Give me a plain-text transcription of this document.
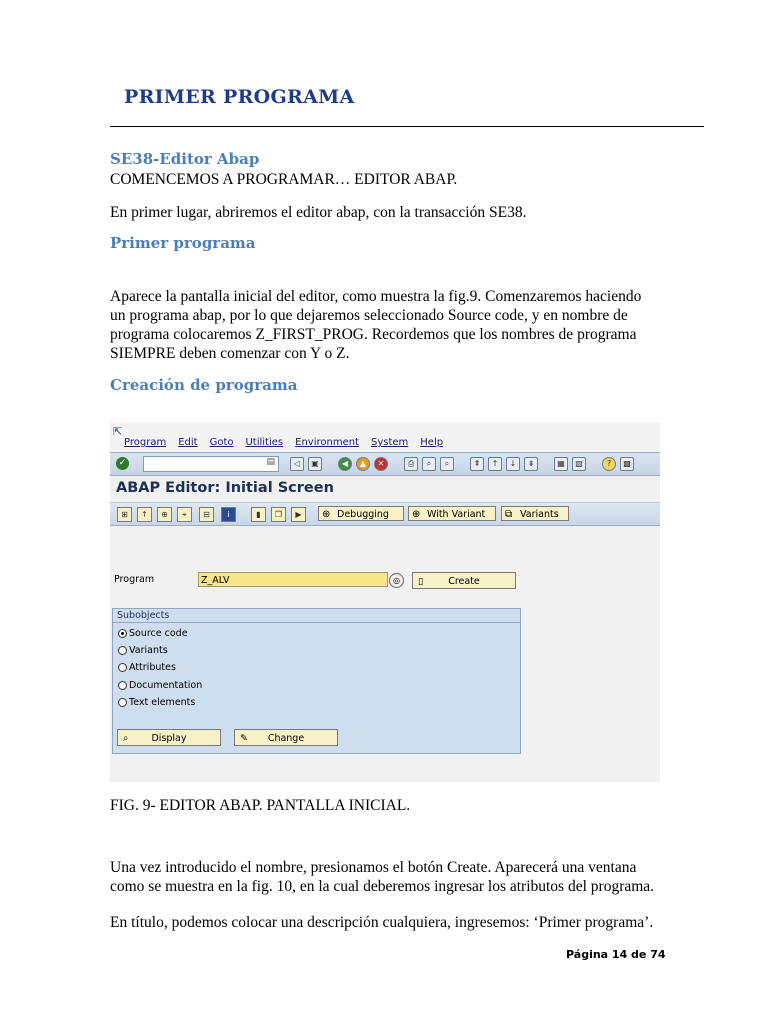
PRIMER PROGRAMA
SE38-Editor Abap

COMENCEMOS A PROGRAMAR… EDITOR ABAP.

En primer lugar, abriremos el editor abap, con la transacción SE38.

Primer programa

Aparece la pantalla inicial del editor, como muestra la fig.9. Comenzaremos haciendo un programa abap, por lo que dejaremos seleccionado Source code, y en nombre de programa colocaremos Z_FIRST_PROG. Recordemos que los nombres de programa SIEMPRE deben comenzar con Y o Z.

Creación de programa
⇱
Program Edit Goto Utilities Environment System Help
✓	▤	◁	▣	◀	▲	✕	⎙	⌕	⌕	⇞	↑	↓	⇟	▦	▧	?	▩
ABAP Editor: Initial Screen
⊞	↑	⊕	⌖	⊟	i	▮	❐	▶	⊕ Debugging	⊕ With Variant	⧉ Variants
Program	Z_ALV	◎	▯	Create
Subobjects
Source code
Variants
Attributes
Documentation
Text elements
⌕ Display	✎ Change

FIG. 9- EDITOR ABAP. PANTALLA INICIAL.

Una vez introducido el nombre, presionamos el botón Create. Aparecerá una ventana como se muestra en la fig. 10, en la cual deberemos ingresar los atributos del programa.

En título, podemos colocar una descripción cualquiera, ingresemos: ‘Primer programa’.

Página 14 de 74
